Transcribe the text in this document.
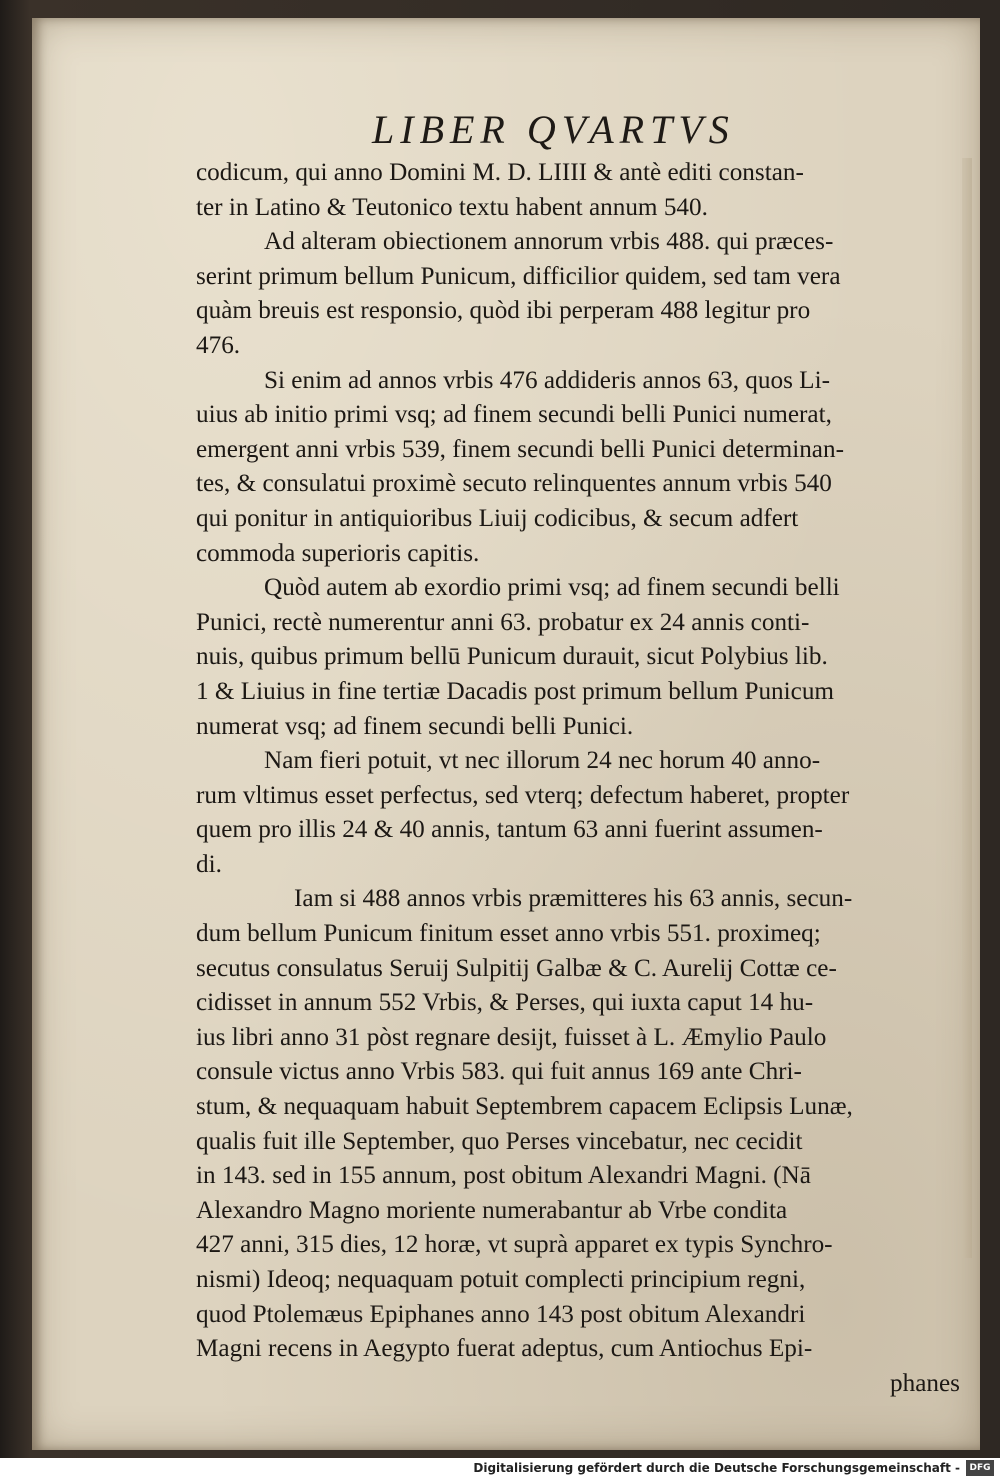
LIBER QVARTVS
codicum, qui anno Domini M. D. LIIII & antè editi constan-
ter in Latino & Teutonico textu habent annum 540.
Ad alteram obiectionem annorum vrbis 488. qui præces-
serint primum bellum Punicum, difficilior quidem, sed tam vera
quàm breuis est responsio, quòd ibi perperam 488 legitur pro
476.
Si enim ad annos vrbis 476 addideris annos 63, quos Li-
uius ab initio primi vsq; ad finem secundi belli Punici numerat,
emergent anni vrbis 539, finem secundi belli Punici determinan-
tes, & consulatui proximè secuto relinquentes annum vrbis 540
qui ponitur in antiquioribus Liuij codicibus, & secum adfert
commoda superioris capitis.
Quòd autem ab exordio primi vsq; ad finem secundi belli
Punici, rectè numerentur anni 63. probatur ex 24 annis conti-
nuis, quibus primum bellū Punicum durauit, sicut Polybius lib.
1 & Liuius in fine tertiæ Dacadis post primum bellum Punicum
numerat vsq; ad finem secundi belli Punici.
Nam fieri potuit, vt nec illorum 24 nec horum 40 anno-
rum vltimus esset perfectus, sed vterq; defectum haberet, propter
quem pro illis 24 & 40 annis, tantum 63 anni fuerint assumen-
di.
Iam si 488 annos vrbis præmitteres his 63 annis, secun-
dum bellum Punicum finitum esset anno vrbis 551. proximeq;
secutus consulatus Seruij Sulpitij Galbæ & C. Aurelij Cottæ ce-
cidisset in annum 552 Vrbis, & Perses, qui iuxta caput 14 hu-
ius libri anno 31 pòst regnare desijt, fuisset à L. Æmylio Paulo
consule victus anno Vrbis 583. qui fuit annus 169 ante Chri-
stum, & nequaquam habuit Septembrem capacem Eclipsis Lunæ,
qualis fuit ille September, quo Perses vincebatur, nec cecidit
in 143. sed in 155 annum, post obitum Alexandri Magni. (Nā
Alexandro Magno moriente numerabantur ab Vrbe condita
427 anni, 315 dies, 12 horæ, vt suprà apparet ex typis Synchro-
nismi) Ideoq; nequaquam potuit complecti principium regni,
quod Ptolemæus Epiphanes anno 143 post obitum Alexandri
Magni recens in Aegypto fuerat adeptus, cum Antiochus Epi-
phanes
Digitalisierung gefördert durch die Deutsche Forschungsgemeinschaft -	DFG
